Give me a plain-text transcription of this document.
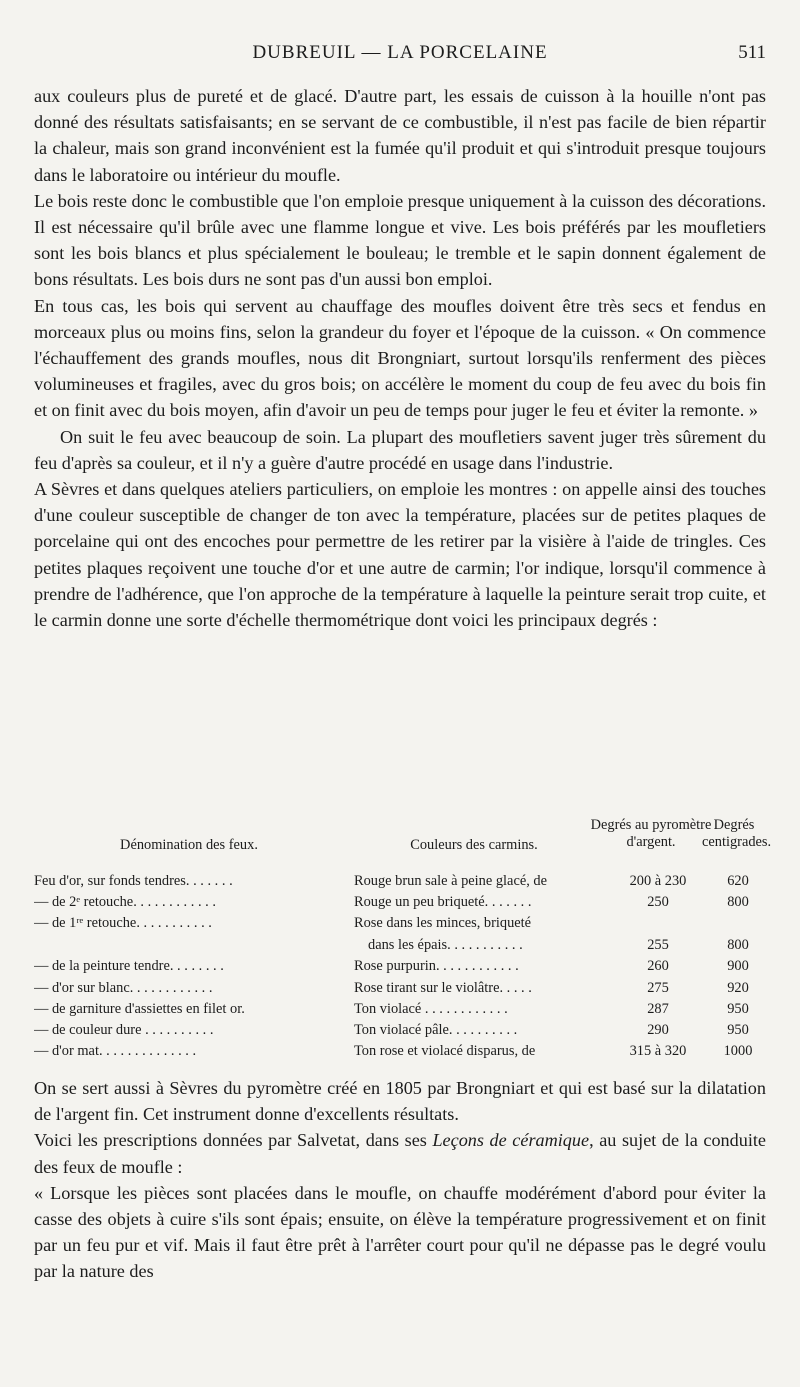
DUBREUIL — LA PORCELAINE	511

aux couleurs plus de pureté et de glacé. D'autre part, les essais de cuisson à la houille n'ont pas donné des résultats satisfaisants; en se servant de ce combustible, il n'est pas facile de bien répartir la chaleur, mais son grand inconvénient est la fumée qu'il produit et qui s'introduit presque toujours dans le laboratoire ou intérieur du moufle.

Le bois reste donc le combustible que l'on emploie presque uniquement à la cuisson des décorations. Il est nécessaire qu'il brûle avec une flamme longue et vive. Les bois préférés par les moufletiers sont les bois blancs et plus spécialement le bouleau; le tremble et le sapin donnent également de bons résultats. Les bois durs ne sont pas d'un aussi bon emploi.

En tous cas, les bois qui servent au chauffage des moufles doivent être très secs et fendus en morceaux plus ou moins fins, selon la grandeur du foyer et l'époque de la cuisson. « On commence l'échauffement des grands moufles, nous dit Brongniart, surtout lorsqu'ils renferment des pièces volumineuses et fragiles, avec du gros bois; on accélère le moment du coup de feu avec du bois fin et on finit avec du bois moyen, afin d'avoir un peu de temps pour juger le feu et éviter la remonte. »

On suit le feu avec beaucoup de soin. La plupart des moufletiers savent juger très sûrement du feu d'après sa couleur, et il n'y a guère d'autre procédé en usage dans l'industrie.

A Sèvres et dans quelques ateliers particuliers, on emploie les montres : on appelle ainsi des touches d'une couleur susceptible de changer de ton avec la température, placées sur de petites plaques de porcelaine qui ont des encoches pour permettre de les retirer par la visière à l'aide de tringles. Ces petites plaques reçoivent une touche d'or et une autre de carmin; l'or indique, lorsqu'il commence à prendre de l'adhérence, que l'on approche de la température à laquelle la peinture serait trop cuite, et le carmin donne une sorte d'échelle thermométrique dont voici les principaux degrés :

Dénomination des feux.	Couleurs des carmins.
Degrés au pyromètre d'argent.
Degrés centigrades.
Feu d'or, sur fonds tendres. . . . . . .	Rouge brun sale à peine glacé, de	200 à 230	620
— de 2ᵉ retouche. . . . . . . . . . . .	Rouge un peu briqueté. . . . . . .	250	800
— de 1ʳᵉ retouche. . . . . . . . . . .	Rose dans les minces, briqueté
dans les épais. . . . . . . . . . .	255	800
— de la peinture tendre. . . . . . . .	Rose purpurin. . . . . . . . . . . .	260	900
— d'or sur blanc. . . . . . . . . . . .	Rose tirant sur le violâtre. . . . .	275	920
— de garniture d'assiettes en filet or.	Ton violacé . . . . . . . . . . . .	287	950
— de couleur dure . . . . . . . . . .	Ton violacé pâle. . . . . . . . . .	290	950
— d'or mat. . . . . . . . . . . . . .	Ton rose et violacé disparus, de	315 à 320	1000

On se sert aussi à Sèvres du pyromètre créé en 1805 par Brongniart et qui est basé sur la dilatation de l'argent fin. Cet instrument donne d'excellents résultats.

Voici les prescriptions données par Salvetat, dans ses Leçons de céramique, au sujet de la conduite des feux de moufle :

« Lorsque les pièces sont placées dans le moufle, on chauffe modérément d'abord pour éviter la casse des objets à cuire s'ils sont épais; ensuite, on élève la température progressivement et on finit par un feu pur et vif. Mais il faut être prêt à l'arrêter court pour qu'il ne dépasse pas le degré voulu par la nature des
